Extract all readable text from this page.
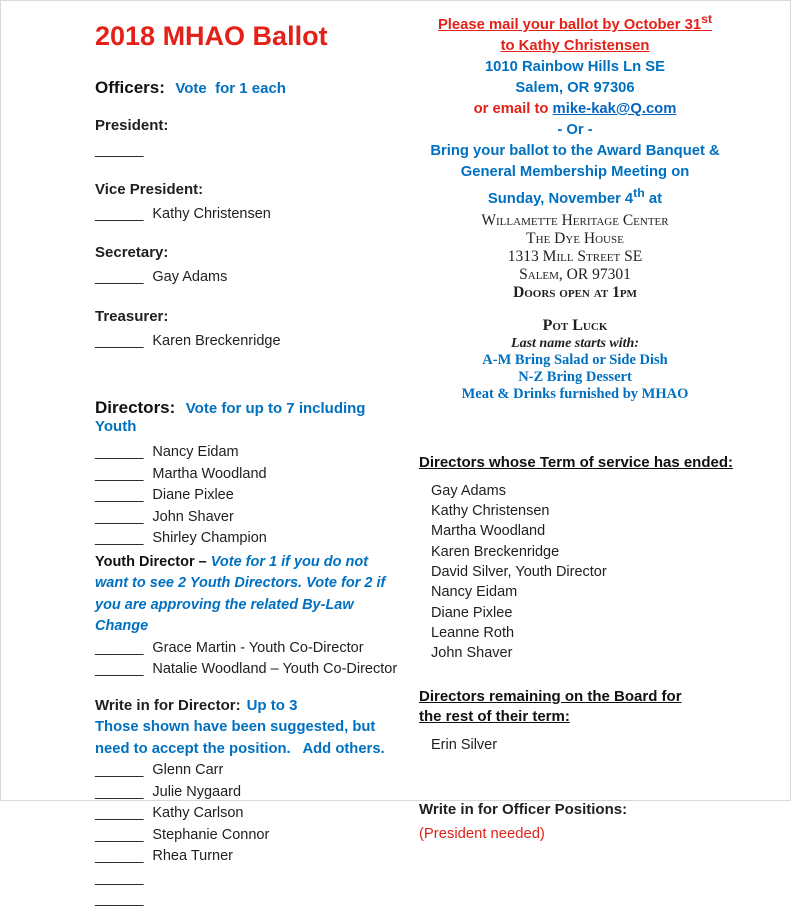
2018 MHAO Ballot
Officers: Vote  for 1 each
President:
______
Vice President:
______ Kathy Christensen
Secretary:
______ Gay Adams
Treasurer:
______ Karen Breckenridge
Directors: Vote for up to 7 including Youth
______ Nancy Eidam
______ Martha Woodland
______ Diane Pixlee
______ John Shaver
______ Shirley Champion
Youth Director – Vote for 1 if you do not want to see 2 Youth Directors. Vote for 2 if you are approving the related By-Law Change
______ Grace Martin - Youth Co-Director
______ Natalie Woodland – Youth Co-Director
Write in for Director: Up to 3
Those shown have been suggested, but  need to accept the position.   Add others.
______ Glenn Carr
______ Julie Nygaard
______ Kathy Carlson
______ Stephanie Connor
______ Rhea Turner
______
______
Please mail your ballot by October 31st
to Kathy Christensen
1010 Rainbow Hills Ln SE
Salem, OR 97306
or email to mike-kak@Q.com
- Or -
Bring your ballot to the Award Banquet &
General Membership Meeting on
Sunday, November 4th at
Willamette Heritage Center
The Dye House
1313 Mill Street SE
Salem, OR 97301
Doors open at 1pm
Pot Luck
Last name starts with:
A-M Bring Salad or Side Dish
N-Z Bring Dessert
Meat & Drinks furnished by MHAO
Directors whose Term of service has ended:
Gay Adams
Kathy Christensen
Martha Woodland
Karen Breckenridge
David Silver, Youth Director
Nancy Eidam
Diane Pixlee
Leanne Roth
John Shaver
Directors remaining on the Board for
the rest of their term:
Erin Silver
Write in for Officer Positions:
(President needed)
